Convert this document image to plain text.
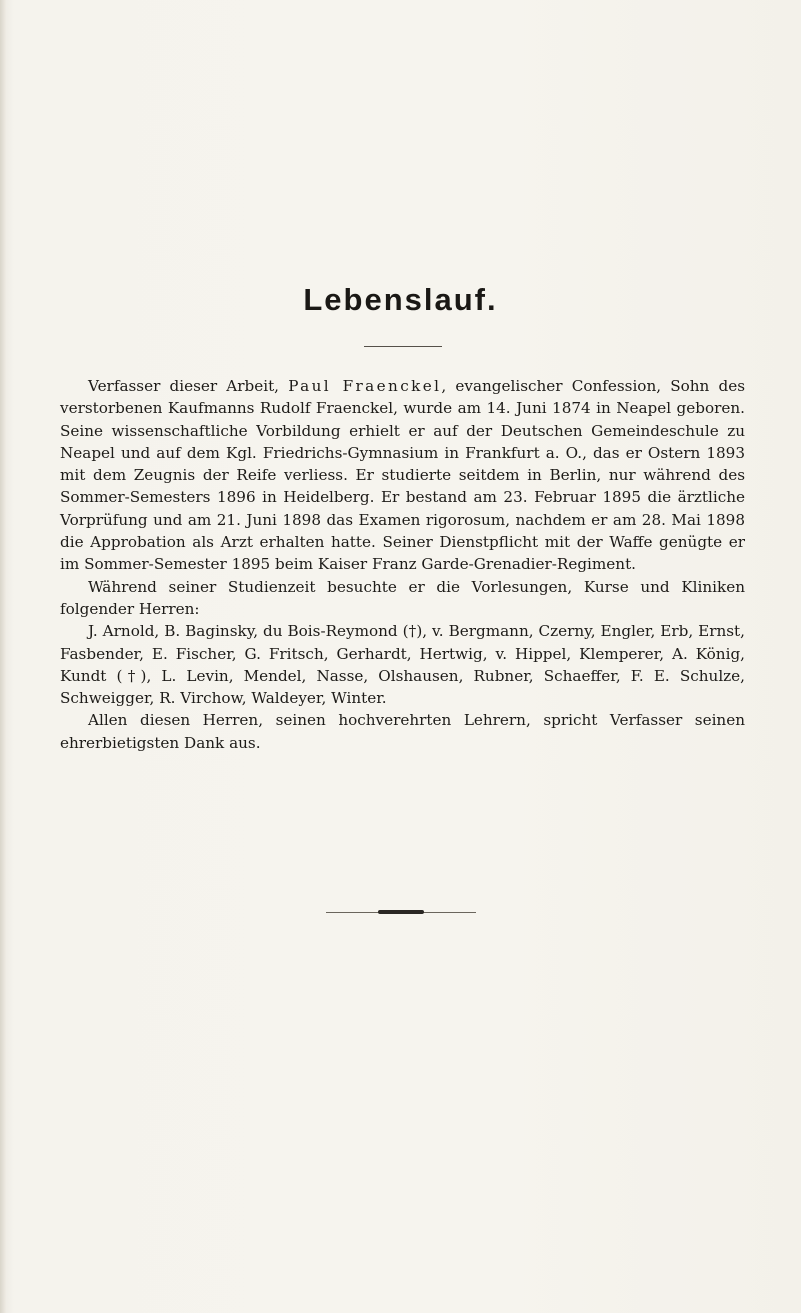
Lebenslauf.

Verfasser dieser Arbeit, Paul Fraenckel, evangelischer Confession, Sohn des verstorbenen Kaufmanns Rudolf Fraenckel, wurde am 14. Juni 1874 in Neapel geboren. Seine wissenschaftliche Vorbildung erhielt er auf der Deutschen Gemeindeschule zu Neapel und auf dem Kgl. Friedrichs-Gymnasium in Frankfurt a. O., das er Ostern 1893 mit dem Zeugnis der Reife verliess. Er studierte seitdem in Berlin, nur während des Sommer-Semesters 1896 in Heidelberg. Er bestand am 23. Februar 1895 die ärztliche Vorprüfung und am 21. Juni 1898 das Examen rigorosum, nachdem er am 28. Mai 1898 die Approbation als Arzt erhalten hatte. Seiner Dienstpflicht mit der Waffe genügte er im Sommer-Semester 1895 beim Kaiser Franz Garde-Grenadier-Regiment.

Während seiner Studienzeit besuchte er die Vorlesungen, Kurse und Kliniken folgender Herren:

J. Arnold, B. Baginsky, du Bois-Reymond (†), v. Bergmann, Czerny, Engler, Erb, Ernst, Fasbender, E. Fischer, G. Fritsch, Gerhardt, Hertwig, v. Hippel, Klemperer, A. König, Kundt (†), L. Levin, Mendel, Nasse, Olshausen, Rubner, Schaeffer, F. E. Schulze, Schweigger, R. Virchow, Waldeyer, Winter.

Allen diesen Herren, seinen hochverehrten Lehrern, spricht Verfasser seinen ehrerbietigsten Dank aus.
